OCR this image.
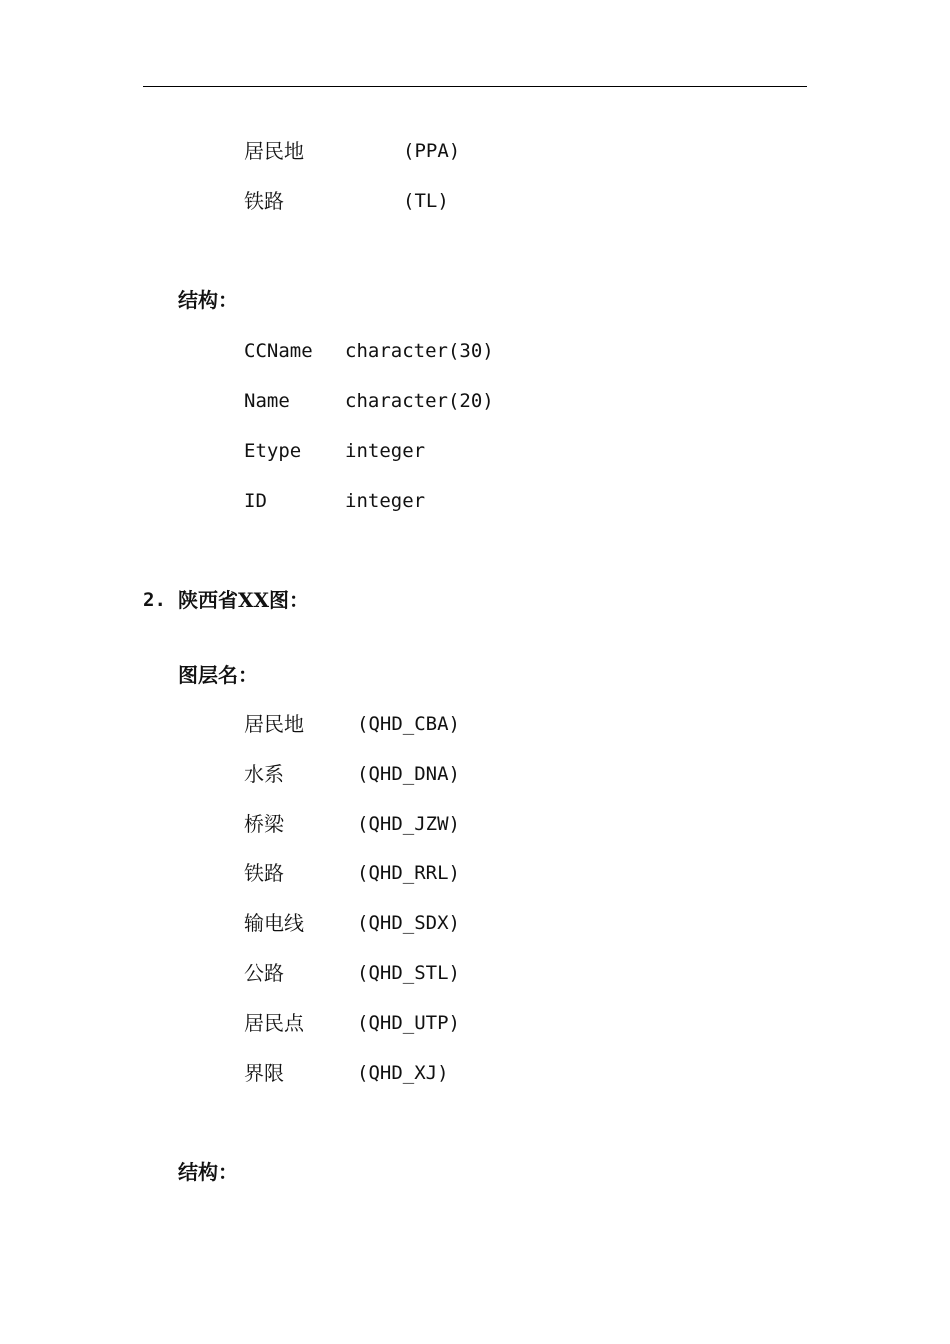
居民地	(PPA)
铁路	(TL)
结构：
CCName character(30)
Name	character(20)
Etype integer
ID	integer
2. 陕西省XX图：
图层名：
居民地	(QHD_CBA)
水系	(QHD_DNA)
桥梁	(QHD_JZW)
铁路	(QHD_RRL)
输电线	(QHD_SDX)
公路	(QHD_STL)
居民点	(QHD_UTP)
界限	(QHD_XJ)
结构：
